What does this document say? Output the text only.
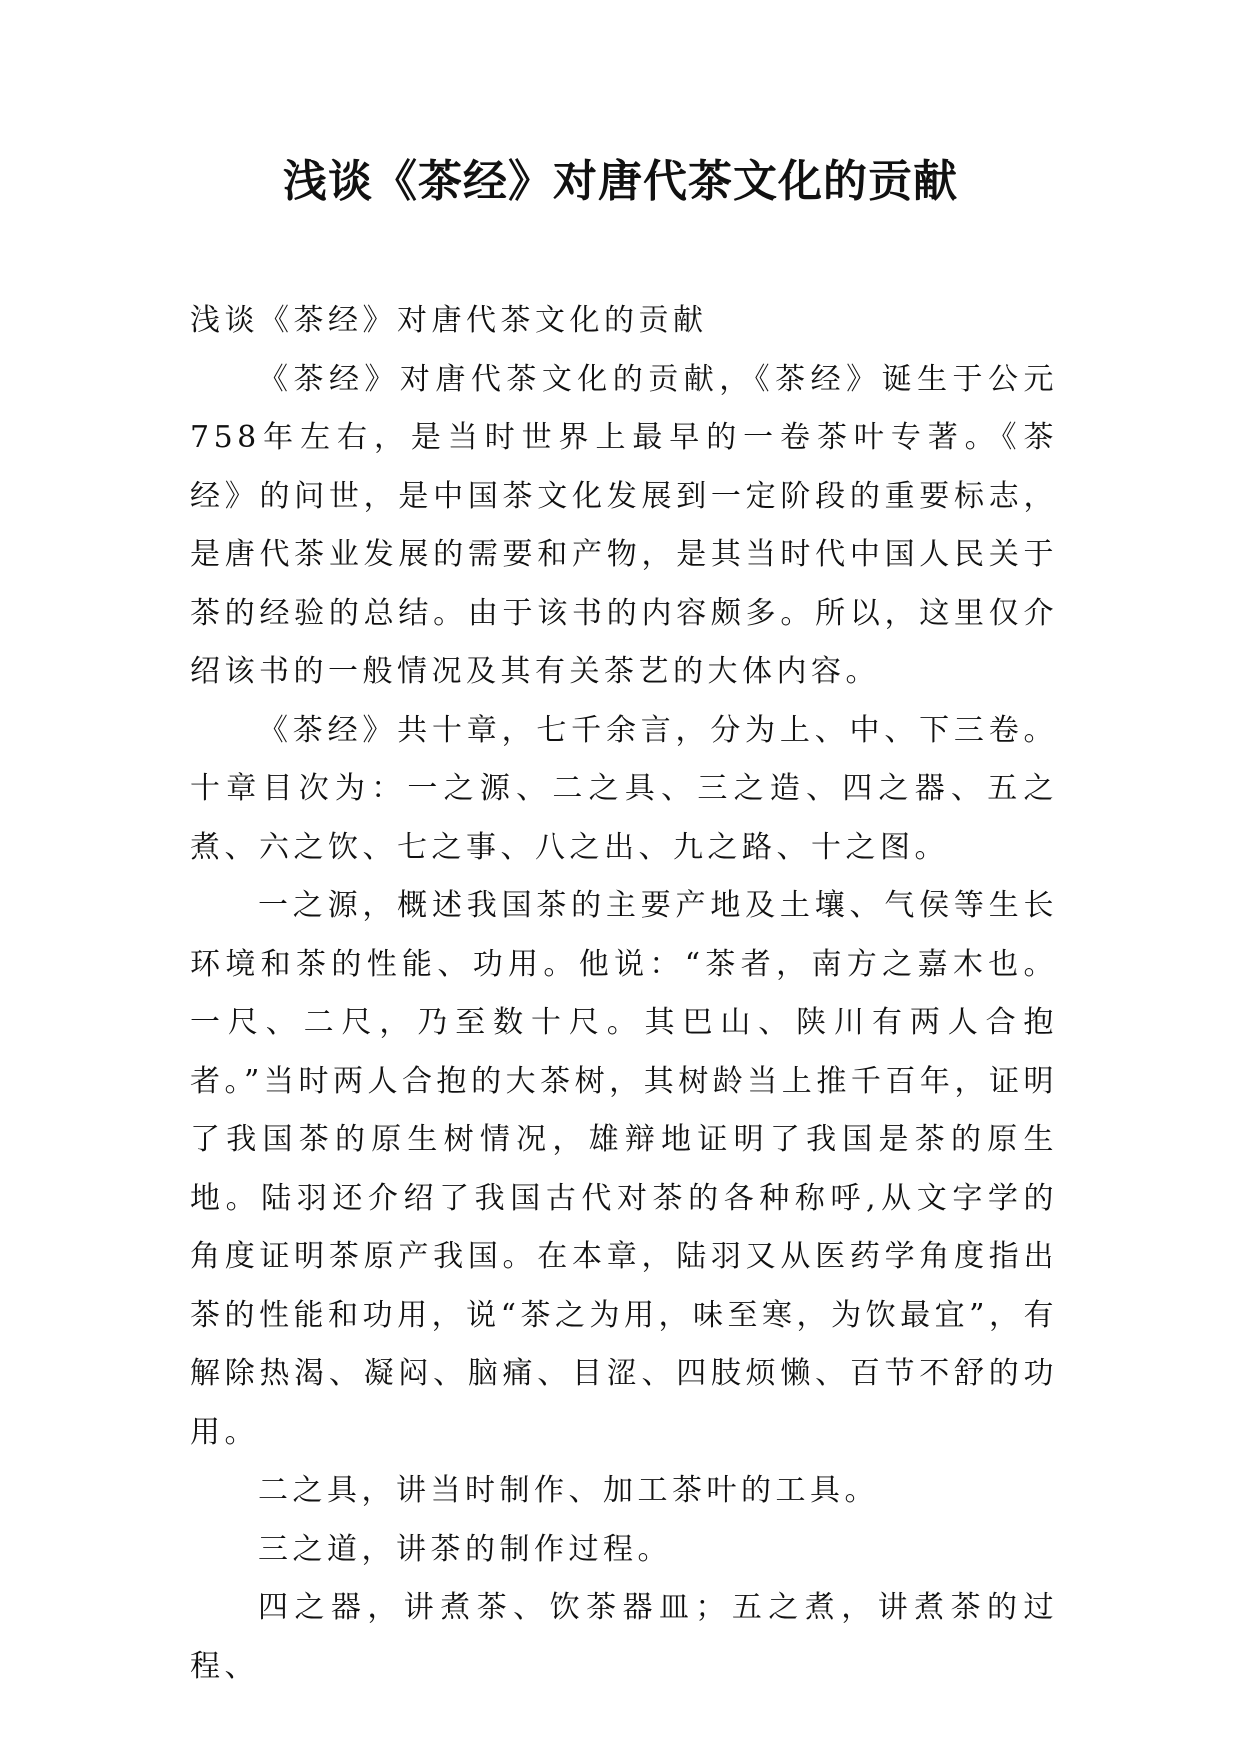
浅谈《茶经》对唐代茶文化的贡献

浅谈《茶经》对唐代茶文化的贡献

《茶经》对唐代茶文化的贡献，《茶经》诞生于公元758年左右，是当时世界上最早的一卷茶叶专著。《茶经》的问世，是中国茶文化发展到一定阶段的重要标志，是唐代茶业发展的需要和产物，是其当时代中国人民关于茶的经验的总结。由于该书的内容颇多。所以，这里仅介绍该书的一般情况及其有关茶艺的大体内容。

《茶经》共十章，七千余言，分为上、中、下三卷。十章目次为：一之源、二之具、三之造、四之器、五之煮、六之饮、七之事、八之出、九之路、十之图。

一之源，概述我国茶的主要产地及土壤、气侯等生长环境和茶的性能、功用。他说：“茶者，南方之嘉木也。一尺、二尺，乃至数十尺。其巴山、陕川有两人合抱者。”当时两人合抱的大茶树，其树龄当上推千百年，证明了我国茶的原生树情况，雄辩地证明了我国是茶的原生地。陆羽还介绍了我国古代对茶的各种称呼,从文字学的角度证明茶原产我国。在本章，陆羽又从医药学角度指出茶的性能和功用，说“茶之为用，味至寒，为饮最宜”，有解除热渴、凝闷、脑痛、目涩、四肢烦懒、百节不舒的功用。

二之具，讲当时制作、加工茶叶的工具。

三之道，讲茶的制作过程。

四之器，讲煮茶、饮茶器皿；五之煮，讲煮茶的过程、
